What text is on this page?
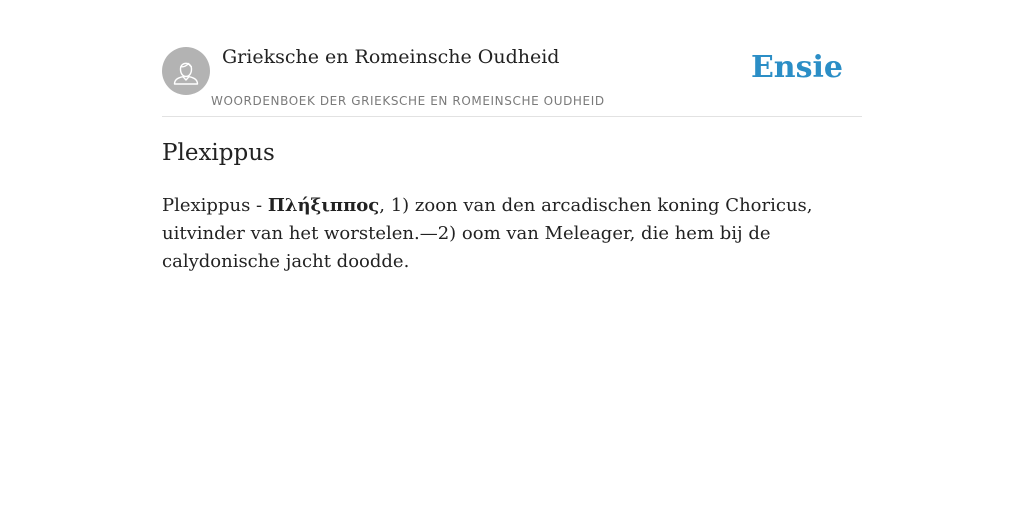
Grieksche en Romeinsche Oudheid
WOORDENBOEK DER GRIEKSCHE EN ROMEINSCHE OUDHEID
Ensie
Plexippus

Plexippus - Πλήξιππος, 1) zoon van den arcadischen koning Choricus, uitvinder van het worstelen.—2) oom van Meleager, die hem bij de calydonische jacht doodde.
